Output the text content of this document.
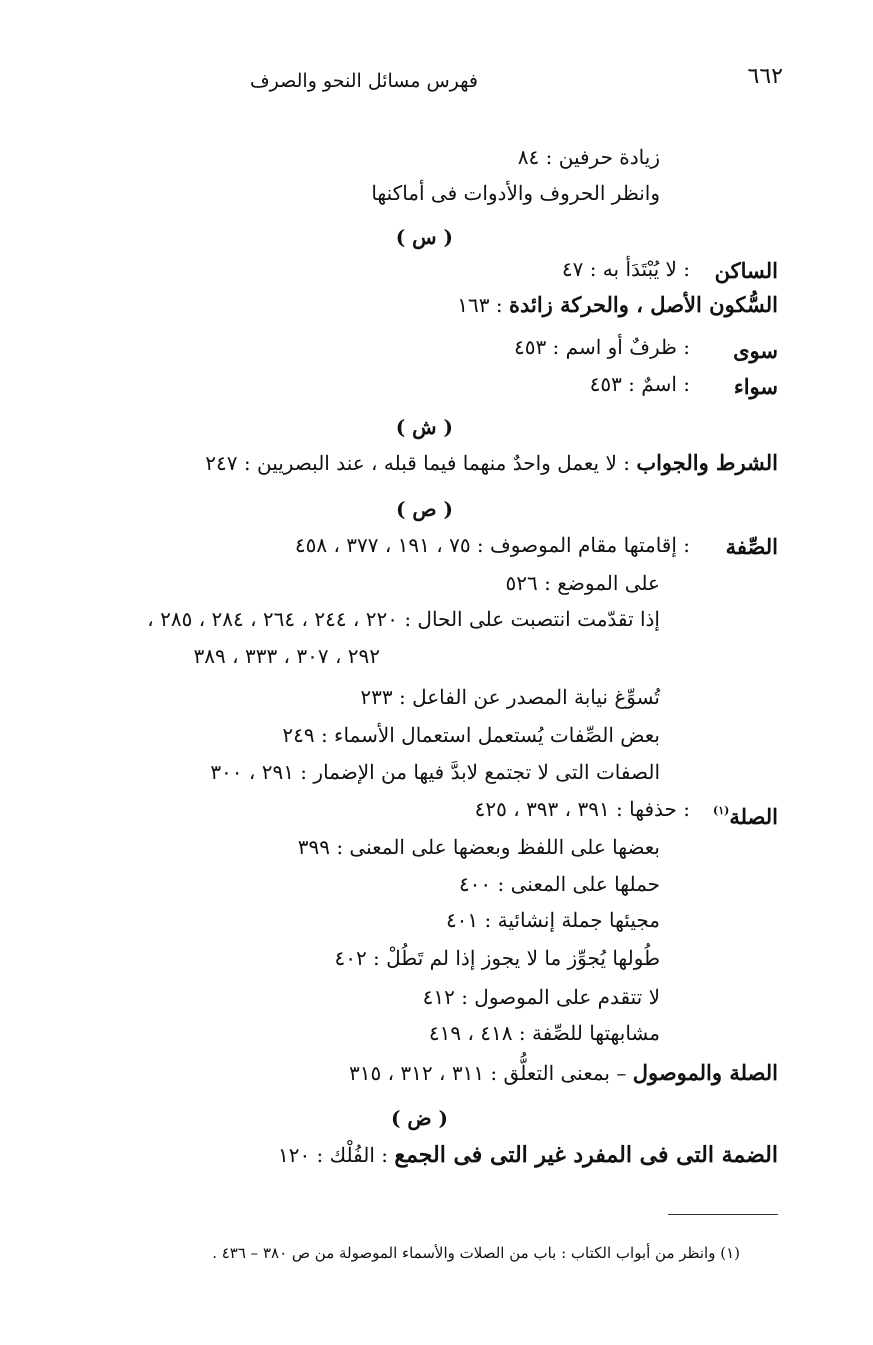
٦٦٢
فهرس مسائل النحو والصرف
زيادة حرفين : ٨٤
وانظر الحروف والأدوات فى أماكنها
( س )
الساكن
: لا يُبْتَدَأ به : ٤٧
السُّكون الأصل ، والحركة زائدة : ١٦٣
سوى
: ظرفٌ أو اسم : ٤٥٣
سواء
: اسمٌ : ٤٥٣
( ش )
الشرط والجواب : لا يعمل واحدٌ منهما فيما قبله ، عند البصريين : ٢٤٧
( ص )
الصِّفة
: إقامتها مقام الموصوف : ٧٥ ، ١٩١ ، ٣٧٧ ، ٤٥٨
على الموضع : ٥٢٦
إذا تقدّمت انتصبت على الحال : ٢٢٠ ، ٢٤٤ ، ٢٦٤ ، ٢٨٤ ، ٢٨٥ ،
٢٩٢ ، ٣٠٧ ، ٣٣٣ ، ٣٨٩
تُسوِّغ نيابة المصدر عن الفاعل : ٢٣٣
بعض الصِّفات يُستعمل استعمال الأسماء : ٢٤٩
الصفات التى لا تجتمع لابدَّ فيها من الإضمار : ٢٩١ ، ٣٠٠
الصلة$^{(١)}$
: حذفها : ٣٩١ ، ٣٩٣ ، ٤٢٥
بعضها على اللفظ وبعضها على المعنى : ٣٩٩
حملها على المعنى : ٤٠٠
مجيئها جملة إنشائية : ٤٠١
طُولها يُجوِّز ما لا يجوز إذا لم تَطُلْ : ٤٠٢
لا تتقدم على الموصول : ٤١٢
مشابهتها للصِّفة : ٤١٨ ، ٤١٩
الصلة والموصول – بمعنى التعلُّق : ٣١١ ، ٣١٢ ، ٣١٥
( ض )
الضمة التى فى المفرد غير التى فى الجمع : الفُلْك : ١٢٠
(١) وانظر من أبواب الكتاب : باب من الصلات والأسماء الموصولة من ص ٣٨٠ – ٤٣٦ .
